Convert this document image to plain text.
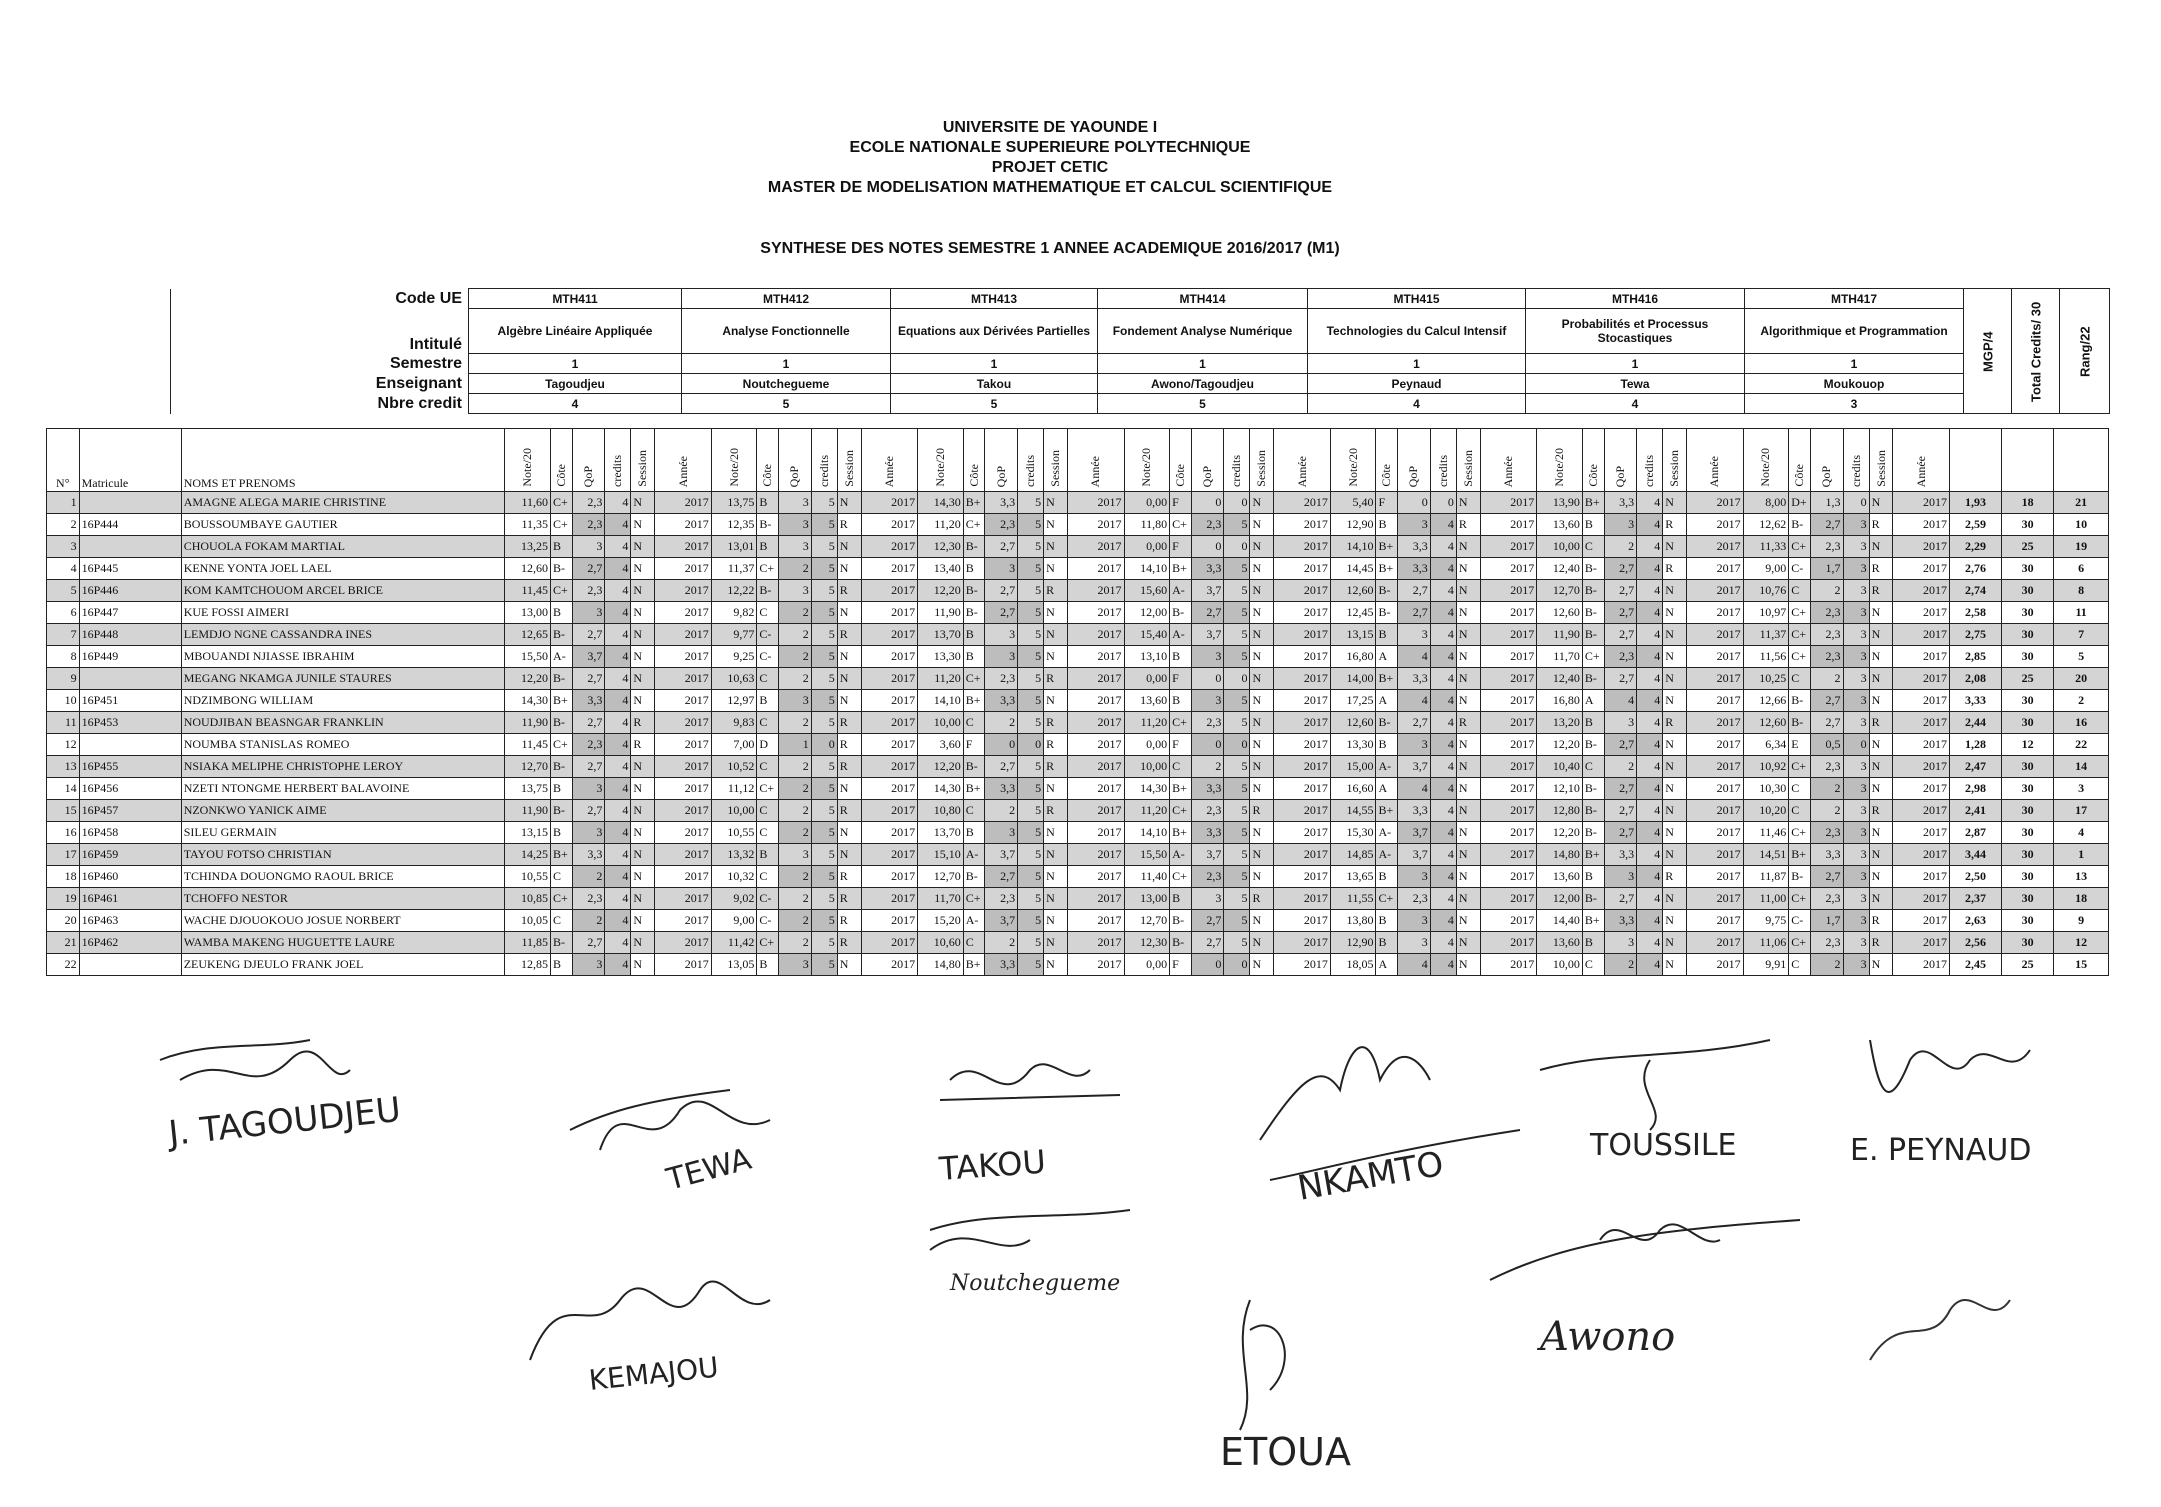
UNIVERSITE DE YAOUNDE I
ECOLE NATIONALE SUPERIEURE POLYTECHNIQUE
PROJET CETIC
MASTER DE MODELISATION MATHEMATIQUE ET CALCUL SCIENTIFIQUE
SYNTHESE DES NOTES SEMESTRE 1 ANNEE ACADEMIQUE 2016/2017 (M1)
Code UE	MTH411	MTH412	MTH413	MTH414	MTH415	MTH416	MTH417	MGP/4	Total Credits/ 30	Rang/22
Intitulé	Algèbre Linéaire Appliquée	Analyse Fonctionnelle	Equations aux Dérivées Partielles	Fondement Analyse Numérique	Technologies du Calcul Intensif	Probabilités et Processus Stocastiques	Algorithmique et Programmation			
Semestre	1	1	1	1	1	1	1			
Enseignant	Tagoudjeu	Noutchegueme	Takou	Awono/Tagoudjeu	Peynaud	Tewa	Moukouop			
Nbre credit	4	5	5	5	4	4	3			
N°	Matricule	NOMS ET PRENOMS	Note/20	Côte	QoP	credits	Session	Année	Note/20	Côte	QoP	credits	Session	Année	Note/20	Côte	QoP	credits	Session	Année	Note/20	Côte	QoP	credits	Session	Année	Note/20	Côte	QoP	credits	Session	Année	Note/20	Côte	QoP	credits	Session	Année	Note/20	Côte	QoP	credits	Session	Année			
1		AMAGNE ALEGA MARIE CHRISTINE	11,60	C+	2,3	4	N	2017	13,75	B	3	5	N	2017	14,30	B+	3,3	5	N	2017	0,00	F	0	0	N	2017	5,40	F	0	0	N	2017	13,90	B+	3,3	4	N	2017	8,00	D+	1,3	0	N	2017	1,93	18	21
2	16P444	BOUSSOUMBAYE GAUTIER	11,35	C+	2,3	4	N	2017	12,35	B-	3	5	R	2017	11,20	C+	2,3	5	N	2017	11,80	C+	2,3	5	N	2017	12,90	B	3	4	R	2017	13,60	B	3	4	R	2017	12,62	B-	2,7	3	R	2017	2,59	30	10
3		CHOUOLA FOKAM MARTIAL	13,25	B	3	4	N	2017	13,01	B	3	5	N	2017	12,30	B-	2,7	5	N	2017	0,00	F	0	0	N	2017	14,10	B+	3,3	4	N	2017	10,00	C	2	4	N	2017	11,33	C+	2,3	3	N	2017	2,29	25	19
4	16P445	KENNE YONTA JOEL LAEL	12,60	B-	2,7	4	N	2017	11,37	C+	2	5	N	2017	13,40	B	3	5	N	2017	14,10	B+	3,3	5	N	2017	14,45	B+	3,3	4	N	2017	12,40	B-	2,7	4	R	2017	9,00	C-	1,7	3	R	2017	2,76	30	6
5	16P446	KOM KAMTCHOUOM ARCEL BRICE	11,45	C+	2,3	4	N	2017	12,22	B-	3	5	R	2017	12,20	B-	2,7	5	R	2017	15,60	A-	3,7	5	N	2017	12,60	B-	2,7	4	N	2017	12,70	B-	2,7	4	N	2017	10,76	C	2	3	R	2017	2,74	30	8
6	16P447	KUE FOSSI AIMERI	13,00	B	3	4	N	2017	9,82	C	2	5	N	2017	11,90	B-	2,7	5	N	2017	12,00	B-	2,7	5	N	2017	12,45	B-	2,7	4	N	2017	12,60	B-	2,7	4	N	2017	10,97	C+	2,3	3	N	2017	2,58	30	11
7	16P448	LEMDJO NGNE CASSANDRA INES	12,65	B-	2,7	4	N	2017	9,77	C-	2	5	R	2017	13,70	B	3	5	N	2017	15,40	A-	3,7	5	N	2017	13,15	B	3	4	N	2017	11,90	B-	2,7	4	N	2017	11,37	C+	2,3	3	N	2017	2,75	30	7
8	16P449	MBOUANDI NJIASSE IBRAHIM	15,50	A-	3,7	4	N	2017	9,25	C-	2	5	N	2017	13,30	B	3	5	N	2017	13,10	B	3	5	N	2017	16,80	A	4	4	N	2017	11,70	C+	2,3	4	N	2017	11,56	C+	2,3	3	N	2017	2,85	30	5
9		MEGANG NKAMGA JUNILE STAURES	12,20	B-	2,7	4	N	2017	10,63	C	2	5	N	2017	11,20	C+	2,3	5	R	2017	0,00	F	0	0	N	2017	14,00	B+	3,3	4	N	2017	12,40	B-	2,7	4	N	2017	10,25	C	2	3	N	2017	2,08	25	20
10	16P451	NDZIMBONG WILLIAM	14,30	B+	3,3	4	N	2017	12,97	B	3	5	N	2017	14,10	B+	3,3	5	N	2017	13,60	B	3	5	N	2017	17,25	A	4	4	N	2017	16,80	A	4	4	N	2017	12,66	B-	2,7	3	N	2017	3,33	30	2
11	16P453	NOUDJIBAN BEASNGAR FRANKLIN	11,90	B-	2,7	4	R	2017	9,83	C	2	5	R	2017	10,00	C	2	5	R	2017	11,20	C+	2,3	5	N	2017	12,60	B-	2,7	4	R	2017	13,20	B	3	4	R	2017	12,60	B-	2,7	3	R	2017	2,44	30	16
12		NOUMBA STANISLAS ROMEO	11,45	C+	2,3	4	R	2017	7,00	D	1	0	R	2017	3,60	F	0	0	R	2017	0,00	F	0	0	N	2017	13,30	B	3	4	N	2017	12,20	B-	2,7	4	N	2017	6,34	E	0,5	0	N	2017	1,28	12	22
13	16P455	NSIAKA MELIPHE CHRISTOPHE LEROY	12,70	B-	2,7	4	N	2017	10,52	C	2	5	R	2017	12,20	B-	2,7	5	R	2017	10,00	C	2	5	N	2017	15,00	A-	3,7	4	N	2017	10,40	C	2	4	N	2017	10,92	C+	2,3	3	N	2017	2,47	30	14
14	16P456	NZETI NTONGME HERBERT BALAVOINE	13,75	B	3	4	N	2017	11,12	C+	2	5	N	2017	14,30	B+	3,3	5	N	2017	14,30	B+	3,3	5	N	2017	16,60	A	4	4	N	2017	12,10	B-	2,7	4	N	2017	10,30	C	2	3	N	2017	2,98	30	3
15	16P457	NZONKWO YANICK AIME	11,90	B-	2,7	4	N	2017	10,00	C	2	5	R	2017	10,80	C	2	5	R	2017	11,20	C+	2,3	5	R	2017	14,55	B+	3,3	4	N	2017	12,80	B-	2,7	4	N	2017	10,20	C	2	3	R	2017	2,41	30	17
16	16P458	SILEU GERMAIN	13,15	B	3	4	N	2017	10,55	C	2	5	N	2017	13,70	B	3	5	N	2017	14,10	B+	3,3	5	N	2017	15,30	A-	3,7	4	N	2017	12,20	B-	2,7	4	N	2017	11,46	C+	2,3	3	N	2017	2,87	30	4
17	16P459	TAYOU FOTSO CHRISTIAN	14,25	B+	3,3	4	N	2017	13,32	B	3	5	N	2017	15,10	A-	3,7	5	N	2017	15,50	A-	3,7	5	N	2017	14,85	A-	3,7	4	N	2017	14,80	B+	3,3	4	N	2017	14,51	B+	3,3	3	N	2017	3,44	30	1
18	16P460	TCHINDA DOUONGMO RAOUL BRICE	10,55	C	2	4	N	2017	10,32	C	2	5	R	2017	12,70	B-	2,7	5	N	2017	11,40	C+	2,3	5	N	2017	13,65	B	3	4	N	2017	13,60	B	3	4	R	2017	11,87	B-	2,7	3	N	2017	2,50	30	13
19	16P461	TCHOFFO NESTOR	10,85	C+	2,3	4	N	2017	9,02	C-	2	5	R	2017	11,70	C+	2,3	5	N	2017	13,00	B	3	5	R	2017	11,55	C+	2,3	4	N	2017	12,00	B-	2,7	4	N	2017	11,00	C+	2,3	3	N	2017	2,37	30	18
20	16P463	WACHE DJOUOKOUO JOSUE NORBERT	10,05	C	2	4	N	2017	9,00	C-	2	5	R	2017	15,20	A-	3,7	5	N	2017	12,70	B-	2,7	5	N	2017	13,80	B	3	4	N	2017	14,40	B+	3,3	4	N	2017	9,75	C-	1,7	3	R	2017	2,63	30	9
21	16P462	WAMBA MAKENG HUGUETTE LAURE	11,85	B-	2,7	4	N	2017	11,42	C+	2	5	R	2017	10,60	C	2	5	N	2017	12,30	B-	2,7	5	N	2017	12,90	B	3	4	N	2017	13,60	B	3	4	N	2017	11,06	C+	2,3	3	R	2017	2,56	30	12
22		ZEUKENG DJEULO FRANK JOEL	12,85	B	3	4	N	2017	13,05	B	3	5	N	2017	14,80	B+	3,3	5	N	2017	0,00	F	0	0	N	2017	18,05	A	4	4	N	2017	10,00	C	2	4	N	2017	9,91	C	2	3	N	2017	2,45	25	15
J. TAGOUDJEU
TEWA	TAKOU	NKAMTO	TOUSSILE	E. PEYNAUD
Noutchegueme
Awono
ETOUA
KEMAJOU
